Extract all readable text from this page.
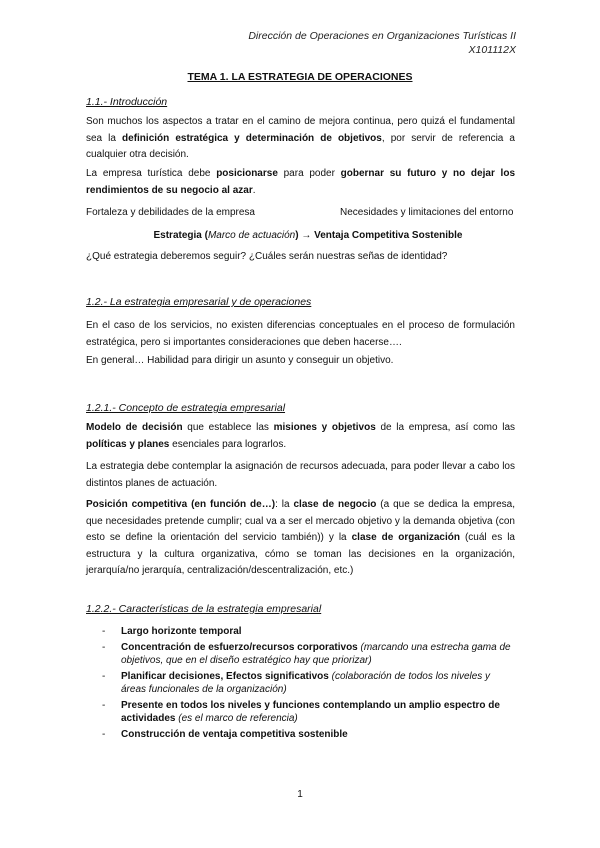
Dirección de Operaciones en Organizaciones Turísticas II
X101112X
TEMA 1. LA ESTRATEGIA DE OPERACIONES
1.1.- Introducción

Son muchos los aspectos a tratar en el camino de mejora continua, pero quizá el fundamental sea la definición estratégica y determinación de objetivos, por servir de referencia a cualquier otra decisión.

La empresa turística debe posicionarse para poder gobernar su futuro y no dejar los rendimientos de su negocio al azar.

Fortaleza y debilidades de la empresa	Necesidades y limitaciones del entorno
Estrategia (Marco de actuación) → Ventaja Competitiva Sostenible

¿Qué estrategia deberemos seguir? ¿Cuáles serán nuestras señas de identidad?

1.2.- La estrategia empresarial y de operaciones

En el caso de los servicios, no existen diferencias conceptuales en el proceso de formulación estratégica, pero si importantes consideraciones que deben hacerse….

En general… Habilidad para dirigir un asunto y conseguir un objetivo.

1.2.1.- Concepto de estrategia empresarial

Modelo de decisión que establece las misiones y objetivos de la empresa, así como las políticas y planes esenciales para lograrlos.

La estrategia debe contemplar la asignación de recursos adecuada, para poder llevar a cabo los distintos planes de actuación.

Posición competitiva (en función de…): la clase de negocio (a que se dedica la empresa, que necesidades pretende cumplir; cual va a ser el mercado objetivo y la demanda objetiva (con esto se define la orientación del servicio también)) y la clase de organización (cuál es la estructura y la cultura organizativa, cómo se toman las decisiones en la organización, jerarquía/no jerarquía, centralización/descentralización, etc.)

1.2.2.- Características de la estrategia empresarial
- Largo horizonte temporal
- Concentración de esfuerzo/recursos corporativos (marcando una estrecha gama de objetivos, que en el diseño estratégico hay que priorizar)
- Planificar decisiones, Efectos significativos (colaboración de todos los niveles y áreas funcionales de la organización)
- Presente en todos los niveles y funciones contemplando un amplio espectro de actividades (es el marco de referencia)
- Construcción de ventaja competitiva sostenible
1
